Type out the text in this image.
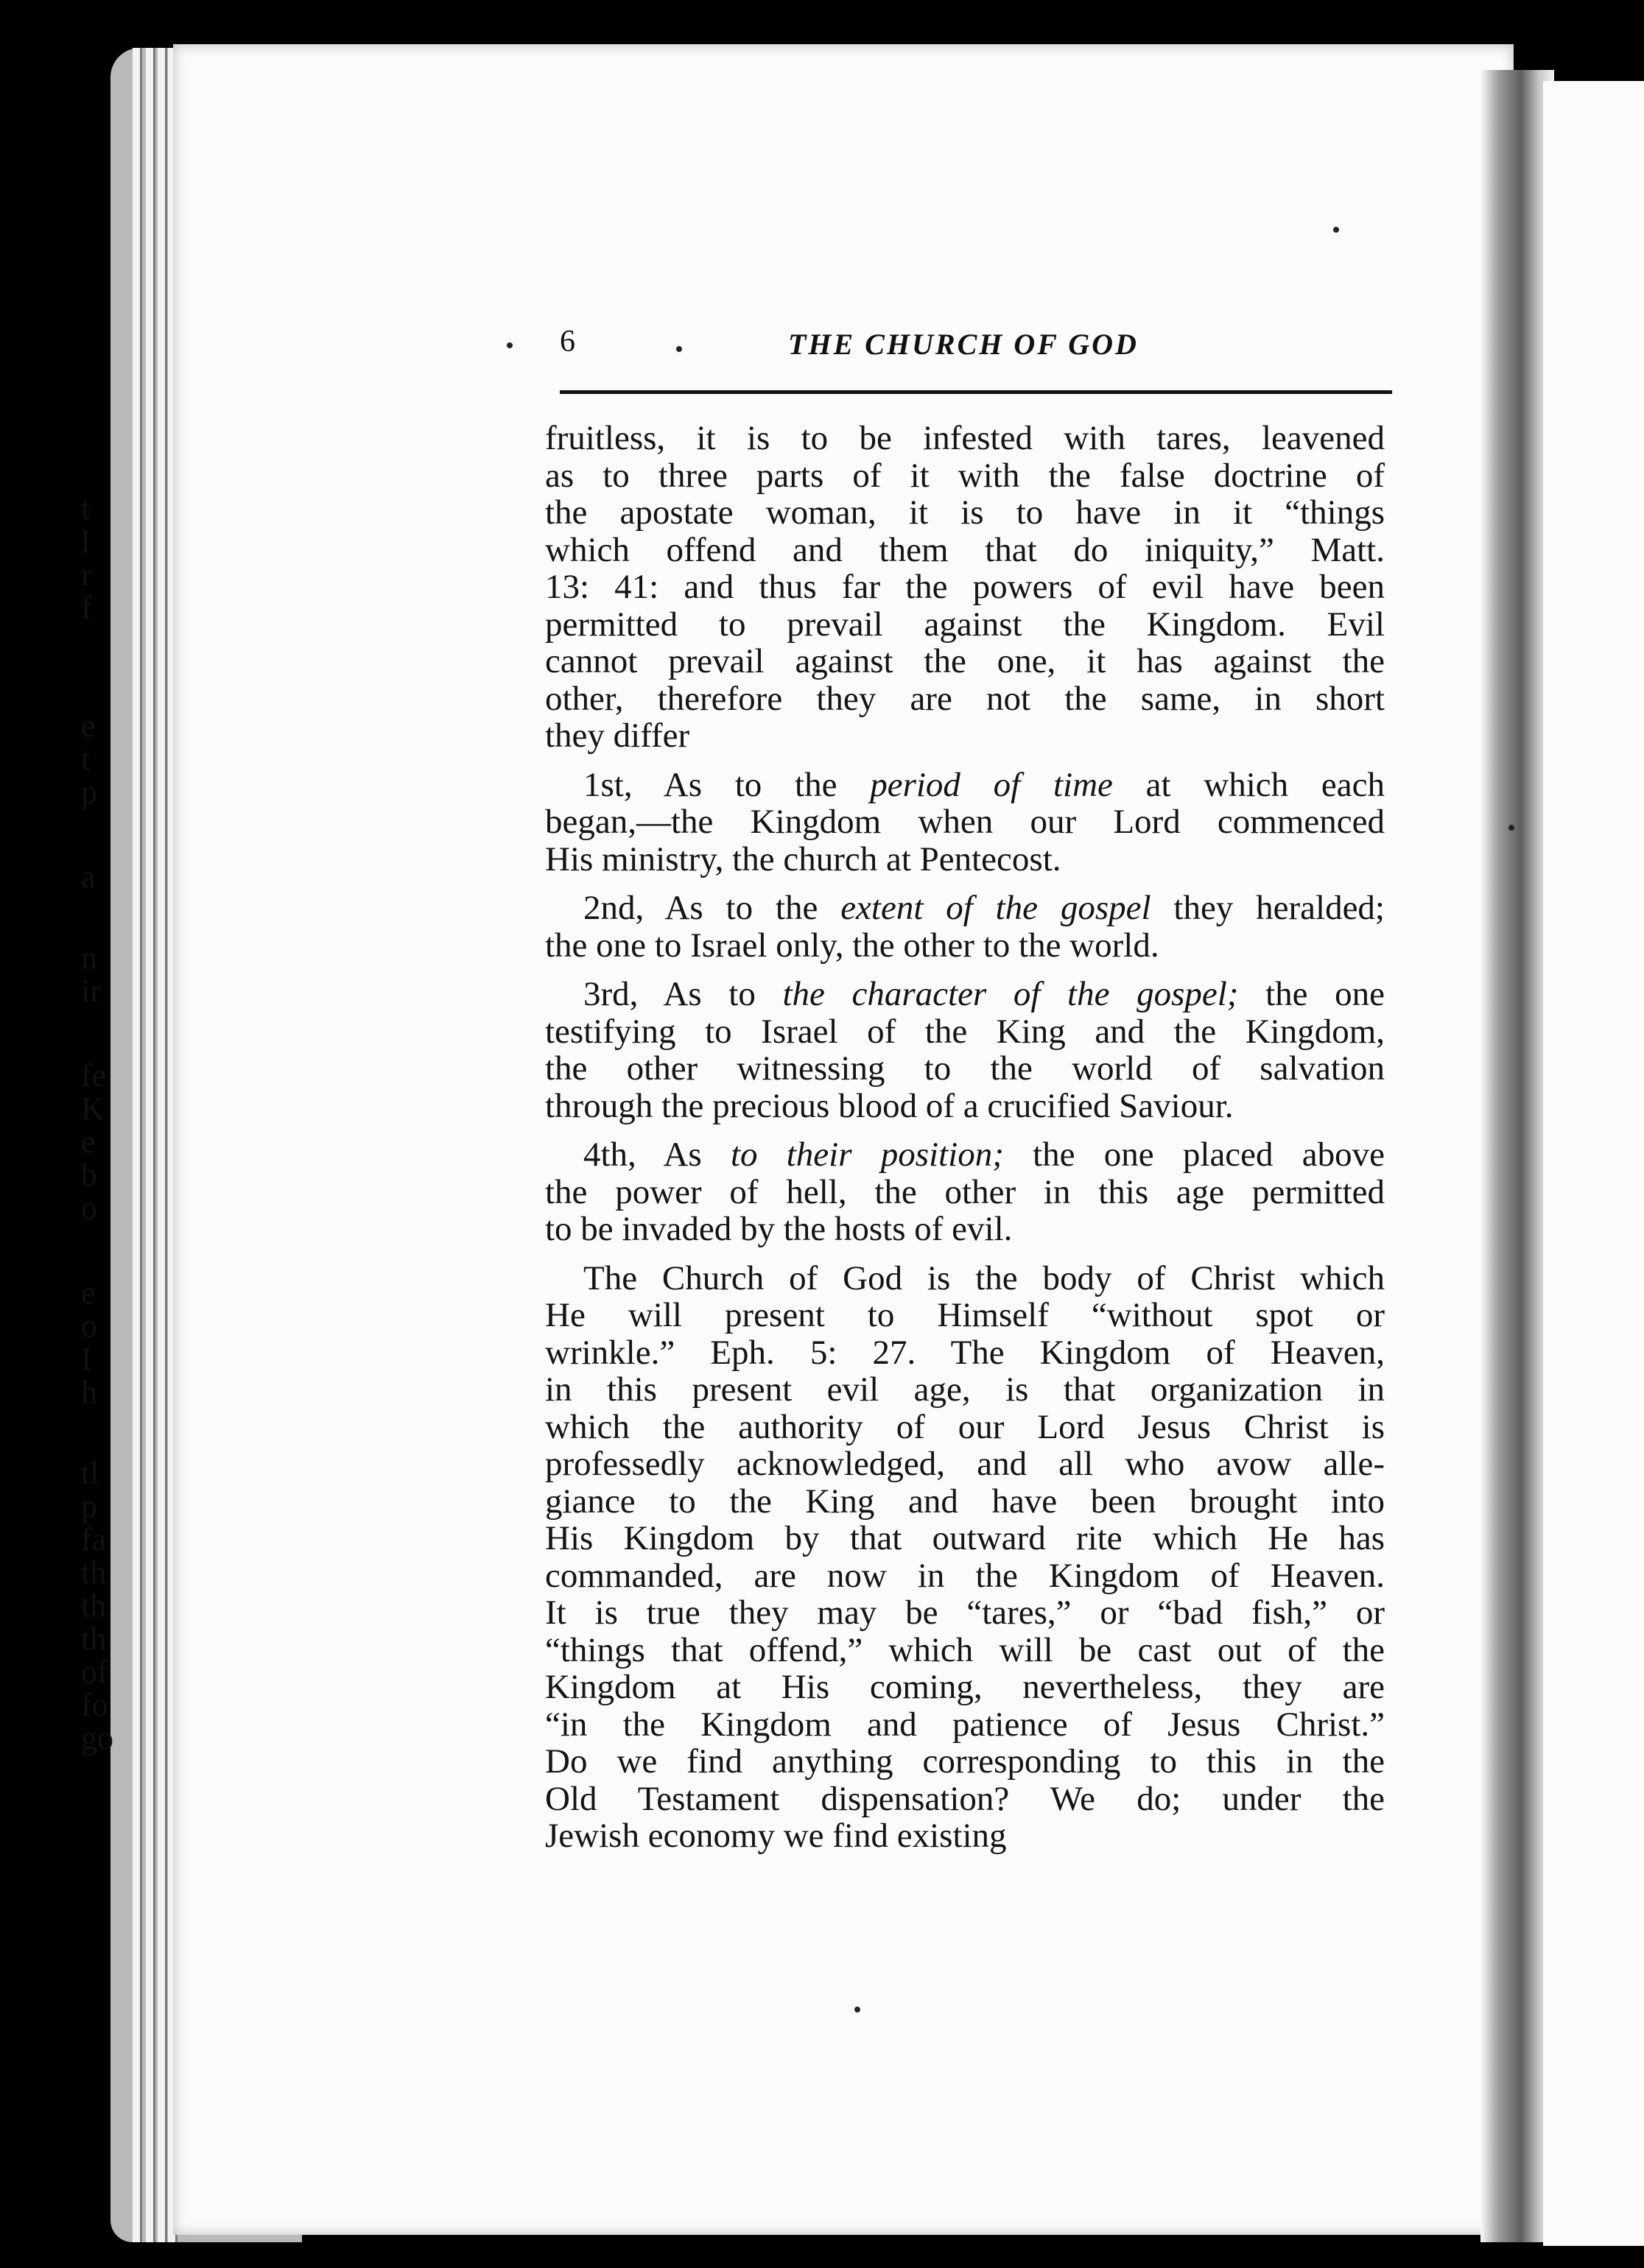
6	THE CHURCH OF GOD
fruitless, it is to be infested with tares, leavened
as to three parts of it with the false doctrine of
the apostate woman, it is to have in it “things
which offend and them that do iniquity,” Matt.
13: 41: and thus far the powers of evil have been
permitted to prevail against the Kingdom. Evil
cannot prevail against the one, it has against the
other, therefore they are not the same, in short
they differ
1st, As to the period of time at which each
began,—the Kingdom when our Lord commenced
His ministry, the church at Pentecost.
2nd, As to the extent of the gospel they heralded;
the one to Israel only, the other to the world.
3rd, As to the character of the gospel; the one
testifying to Israel of the King and the Kingdom,
the other witnessing to the world of salvation
through the precious blood of a crucified Saviour.
4th, As to their position; the one placed above
the power of hell, the other in this age permitted
to be invaded by the hosts of evil.
The Church of God is the body of Christ which
He will present to Himself “without spot or
wrinkle.” Eph. 5: 27. The Kingdom of Heaven,
in this present evil age, is that organization in
which the authority of our Lord Jesus Christ is
professedly acknowledged, and all who avow alle-
giance to the King and have been brought into
His Kingdom by that outward rite which He has
commanded, are now in the Kingdom of Heaven.
It is true they may be “tares,” or “bad fish,” or
“things that offend,” which will be cast out of the
Kingdom at His coming, nevertheless, they are
“in the Kingdom and patience of Jesus Christ.”
Do we find anything corresponding to this in the
Old Testament dispensation? We do; under the
Jewish economy we find existing
t
l
r
f
e
t
p
a
n
ir
fe
K
e
b
o
e
o
I
h
tl
p
fa
th
th
th
of
fo
go
